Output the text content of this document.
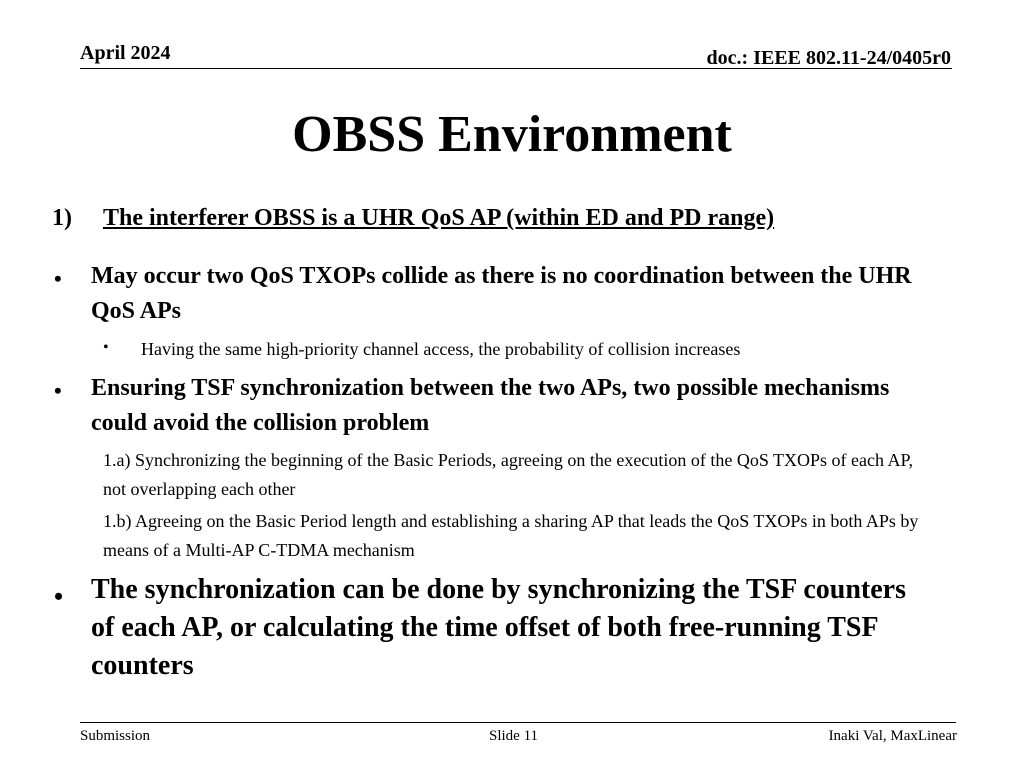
April 2024	doc.: IEEE 802.11-24/0405r0
OBSS Environment
1) The interferer OBSS is a UHR QoS AP (within ED and PD range)
• May occur two QoS TXOPs collide as there is no coordination between the UHR QoS APs
• Having the same high-priority channel access, the probability of collision increases
• Ensuring TSF synchronization between the two APs, two possible mechanisms could avoid the collision problem
1.a) Synchronizing the beginning of the Basic Periods, agreeing on the execution of the QoS TXOPs of each AP, not overlapping each other
1.b) Agreeing on the Basic Period length and establishing a sharing AP that leads the QoS TXOPs in both APs by means of a Multi-AP C-TDMA mechanism
• The synchronization can be done by synchronizing the TSF counters of each AP, or calculating the time offset of both free-running TSF counters
Submission	Slide 11	Inaki Val, MaxLinear
